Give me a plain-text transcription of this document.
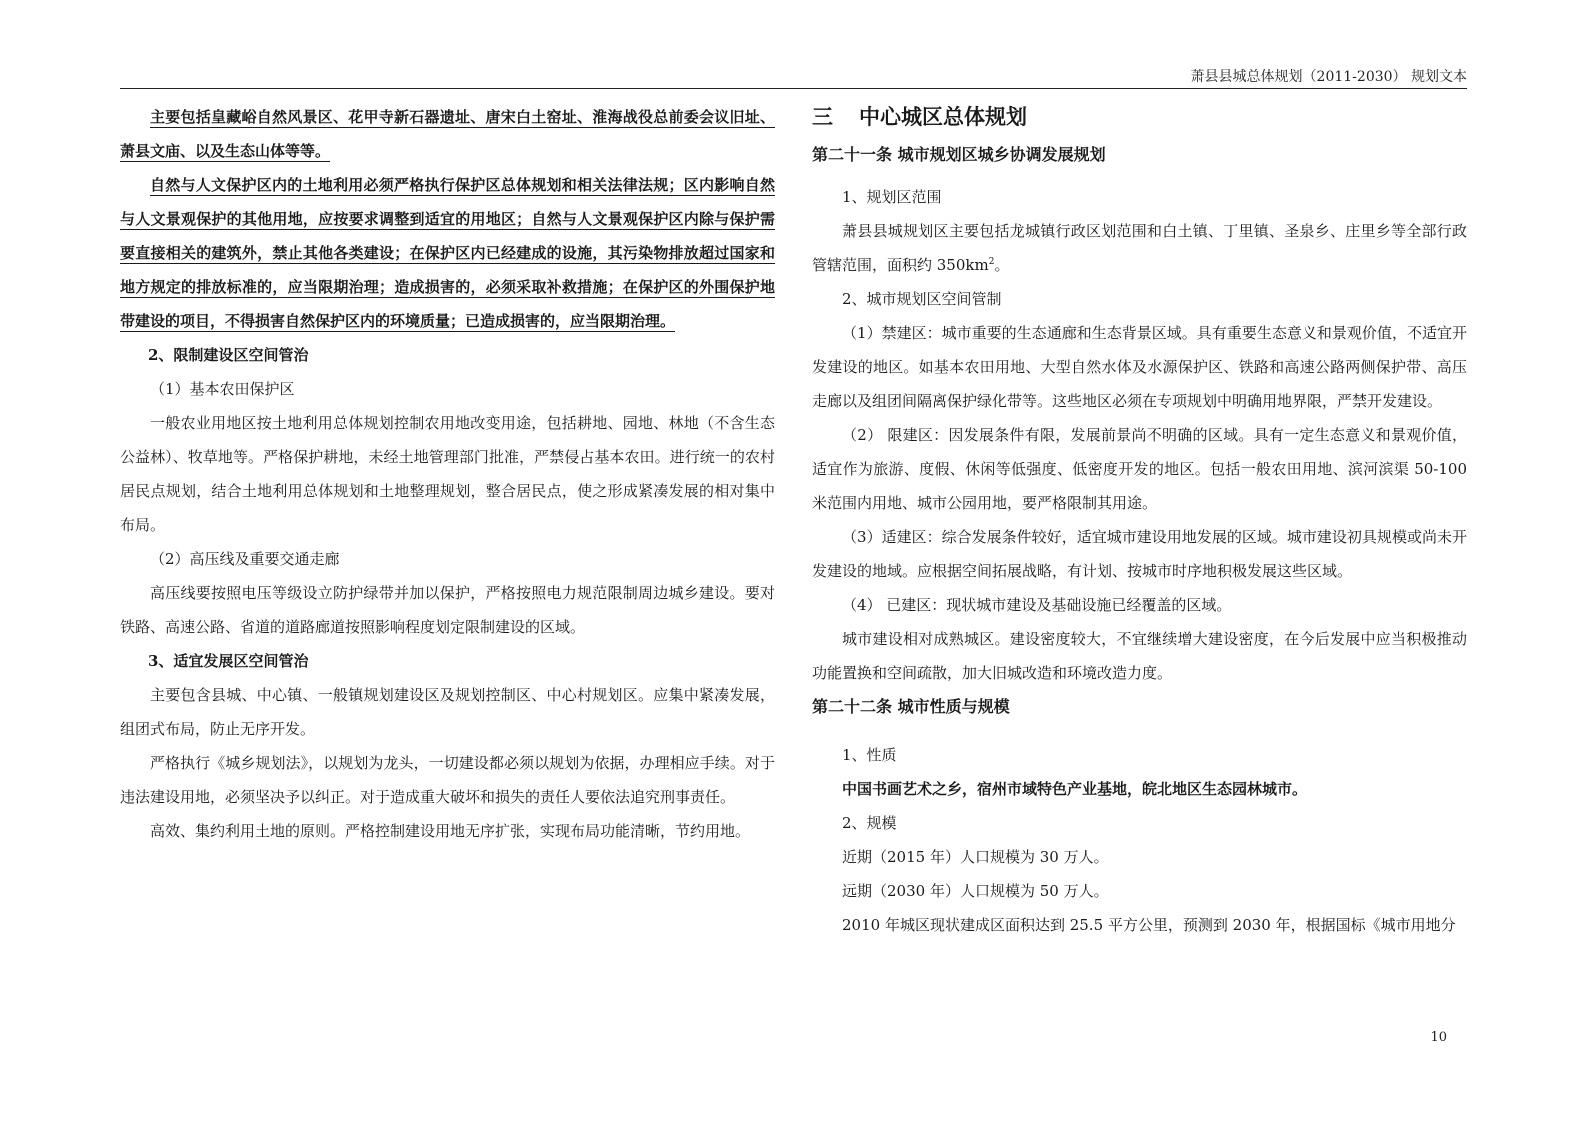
萧县县城总体规划（2011-2030） 规划文本

主要包括皇藏峪自然风景区、花甲寺新石器遗址、唐宋白土窑址、淮海战役总前委会议旧址、萧县文庙、以及生态山体等等。

自然与人文保护区内的土地利用必须严格执行保护区总体规划和相关法律法规；区内影响自然与人文景观保护的其他用地，应按要求调整到适宜的用地区；自然与人文景观保护区内除与保护需要直接相关的建筑外，禁止其他各类建设；在保护区内已经建成的设施，其污染物排放超过国家和地方规定的排放标准的，应当限期治理；造成损害的，必须采取补救措施；在保护区的外围保护地带建设的项目，不得损害自然保护区内的环境质量；已造成损害的，应当限期治理。

2、限制建设区空间管治

（1）基本农田保护区

一般农业用地区按土地利用总体规划控制农用地改变用途，包括耕地、园地、林地（不含生态公益林）、牧草地等。严格保护耕地，未经土地管理部门批准，严禁侵占基本农田。进行统一的农村居民点规划，结合土地利用总体规划和土地整理规划，整合居民点，使之形成紧凑发展的相对集中布局。

（2）高压线及重要交通走廊

高压线要按照电压等级设立防护绿带并加以保护，严格按照电力规范限制周边城乡建设。要对铁路、高速公路、省道的道路廊道按照影响程度划定限制建设的区域。

3、适宜发展区空间管治

主要包含县城、中心镇、一般镇规划建设区及规划控制区、中心村规划区。应集中紧凑发展，组团式布局，防止无序开发。

严格执行《城乡规划法》，以规划为龙头，一切建设都必须以规划为依据，办理相应手续。对于违法建设用地，必须坚决予以纠正。对于造成重大破坏和损失的责任人要依法追究刑事责任。

高效、集约利用土地的原则。严格控制建设用地无序扩张，实现布局功能清晰，节约用地。

三 中心城区总体规划

第二十一条 城市规划区城乡协调发展规划

1、规划区范围

萧县县城规划区主要包括龙城镇行政区划范围和白土镇、丁里镇、圣泉乡、庄里乡等全部行政管辖范围，面积约 $350km^2$。

2、城市规划区空间管制

（1）禁建区：城市重要的生态通廊和生态背景区域。具有重要生态意义和景观价值，不适宜开发建设的地区。如基本农田用地、大型自然水体及水源保护区、铁路和高速公路两侧保护带、高压走廊以及组团间隔离保护绿化带等。这些地区必须在专项规划中明确用地界限，严禁开发建设。

（2） 限建区：因发展条件有限，发展前景尚不明确的区域。具有一定生态意义和景观价值，适宜作为旅游、度假、休闲等低强度、低密度开发的地区。包括一般农田用地、滨河滨渠 50-100 米范围内用地、城市公园用地，要严格限制其用途。

（3）适建区：综合发展条件较好，适宜城市建设用地发展的区域。城市建设初具规模或尚未开发建设的地域。应根据空间拓展战略，有计划、按城市时序地积极发展这些区域。

（4） 已建区：现状城市建设及基础设施已经覆盖的区域。

城市建设相对成熟城区。建设密度较大，不宜继续增大建设密度，在今后发展中应当积极推动功能置换和空间疏散，加大旧城改造和环境改造力度。

第二十二条 城市性质与规模

1、性质

中国书画艺术之乡，宿州市域特色产业基地，皖北地区生态园林城市。

2、规模

近期（2015 年）人口规模为 30 万人。

远期（2030 年）人口规模为 50 万人。

2010 年城区现状建成区面积达到 25.5 平方公里，预测到 2030 年，根据国标《城市用地分

10
